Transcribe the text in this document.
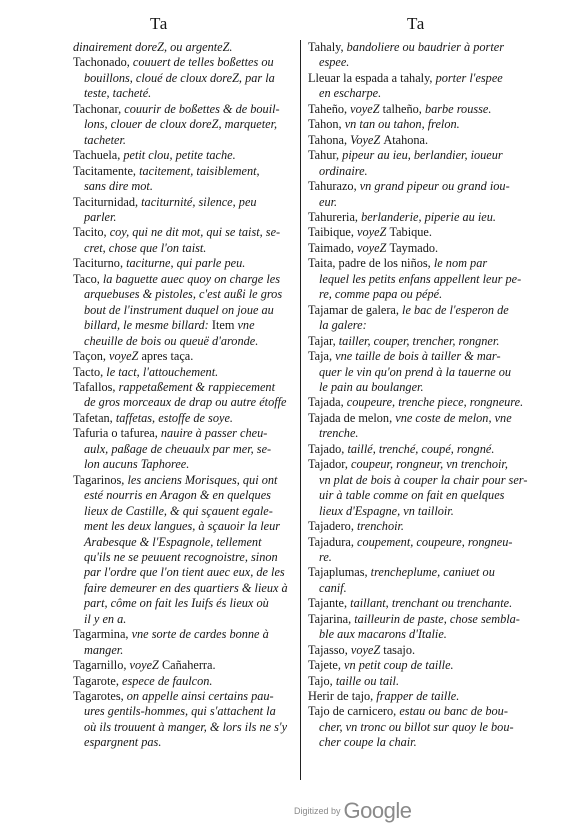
Ta	Ta
dinairement doreZ, ou argenteZ.
Tachonado, couuert de telles boßettes ou
bouillons, cloué de cloux doreZ, par la
teste, tacheté.
Tachonar, couurir de boßettes & de bouil-
lons, clouer de cloux doreZ, marqueter,
tacheter.
Tachuela, petit clou, petite tache.
Tacitamente, tacitement, taisiblement,
sans dire mot.
Taciturnidad, taciturnité, silence, peu
parler.
Tacito, coy, qui ne dit mot, qui se taist, se-
cret, chose que l'on taist.
Taciturno, taciturne, qui parle peu.
Taco, la baguette auec quoy on charge les
arquebuses & pistoles, c'est außi le gros
bout de l'instrument duquel on joue au
billard, le mesme billard: Item vne
cheuille de bois ou queuë d'aronde.
Taçon, voyeZ apres taça.
Tacto, le tact, l'attouchement.
Tafallos, rappetaßement & rappiecement
de gros morceaux de drap ou autre étoffe
Tafetan, taffetas, estoffe de soye.
Tafuria o tafurea, nauire à passer cheu-
aulx, paßage de cheuaulx par mer, se-
lon aucuns Taphoree.
Tagarinos, les anciens Morisques, qui ont
esté nourris en Aragon & en quelques
lieux de Castille, & qui sçauent egale-
ment les deux langues, à sçauoir la leur
Arabesque & l'Espagnole, tellement
qu'ils ne se peuuent recognoistre, sinon
par l'ordre que l'on tient auec eux, de les
faire demeurer en des quartiers & lieux à
part, côme on fait les Iuifs és lieux où
il y en a.
Tagarmina, vne sorte de cardes bonne à
manger.
Tagarnillo, voyeZ Cañaherra.
Tagarote, espece de faulcon.
Tagarotes, on appelle ainsi certains pau-
ures gentils-hommes, qui s'attachent la
où ils trouuent à manger, & lors ils ne s'y
espargnent pas.
Tahaly, bandoliere ou baudrier à porter
espee.
Lleuar la espada a tahaly, porter l'espee
en escharpe.
Taheño, voyeZ talheño, barbe rousse.
Tahon, vn tan ou tahon, frelon.
Tahona, VoyeZ Atahona.
Tahur, pipeur au ieu, berlandier, ioueur
ordinaire.
Tahurazo, vn grand pipeur ou grand iou-
eur.
Tahureria, berlanderie, piperie au ieu.
Taibique, voyeZ Tabique.
Taimado, voyeZ Taymado.
Taita, padre de los niños, le nom par
lequel les petits enfans appellent leur pe-
re, comme papa ou pépé.
Tajamar de galera, le bac de l'esperon de
la galere:
Tajar, tailler, couper, trencher, rongner.
Taja, vne taille de bois à tailler & mar-
quer le vin qu'on prend à la tauerne ou
le pain au boulanger.
Tajada, coupeure, trenche piece, rongneure.
Tajada de melon, vne coste de melon, vne
trenche.
Tajado, taillé, trenché, coupé, rongné.
Tajador, coupeur, rongneur, vn trenchoir,
vn plat de bois à couper la chair pour ser-
uir à table comme on fait en quelques
lieux d'Espagne, vn tailloir.
Tajadero, trenchoir.
Tajadura, coupement, coupeure, rongneu-
re.
Tajaplumas, trencheplume, caniuet ou
canif.
Tajante, taillant, trenchant ou trenchante.
Tajarina, tailleurin de paste, chose sembla-
ble aux macarons d'Italie.
Tajasso, voyeZ tasajo.
Tajete, vn petit coup de taille.
Tajo, taille ou tail.
Herir de tajo, frapper de taille.
Tajo de carnicero, estau ou banc de bou-
cher, vn tronc ou billot sur quoy le bou-
cher coupe la chair.
$^{Digitized by}$ Google
